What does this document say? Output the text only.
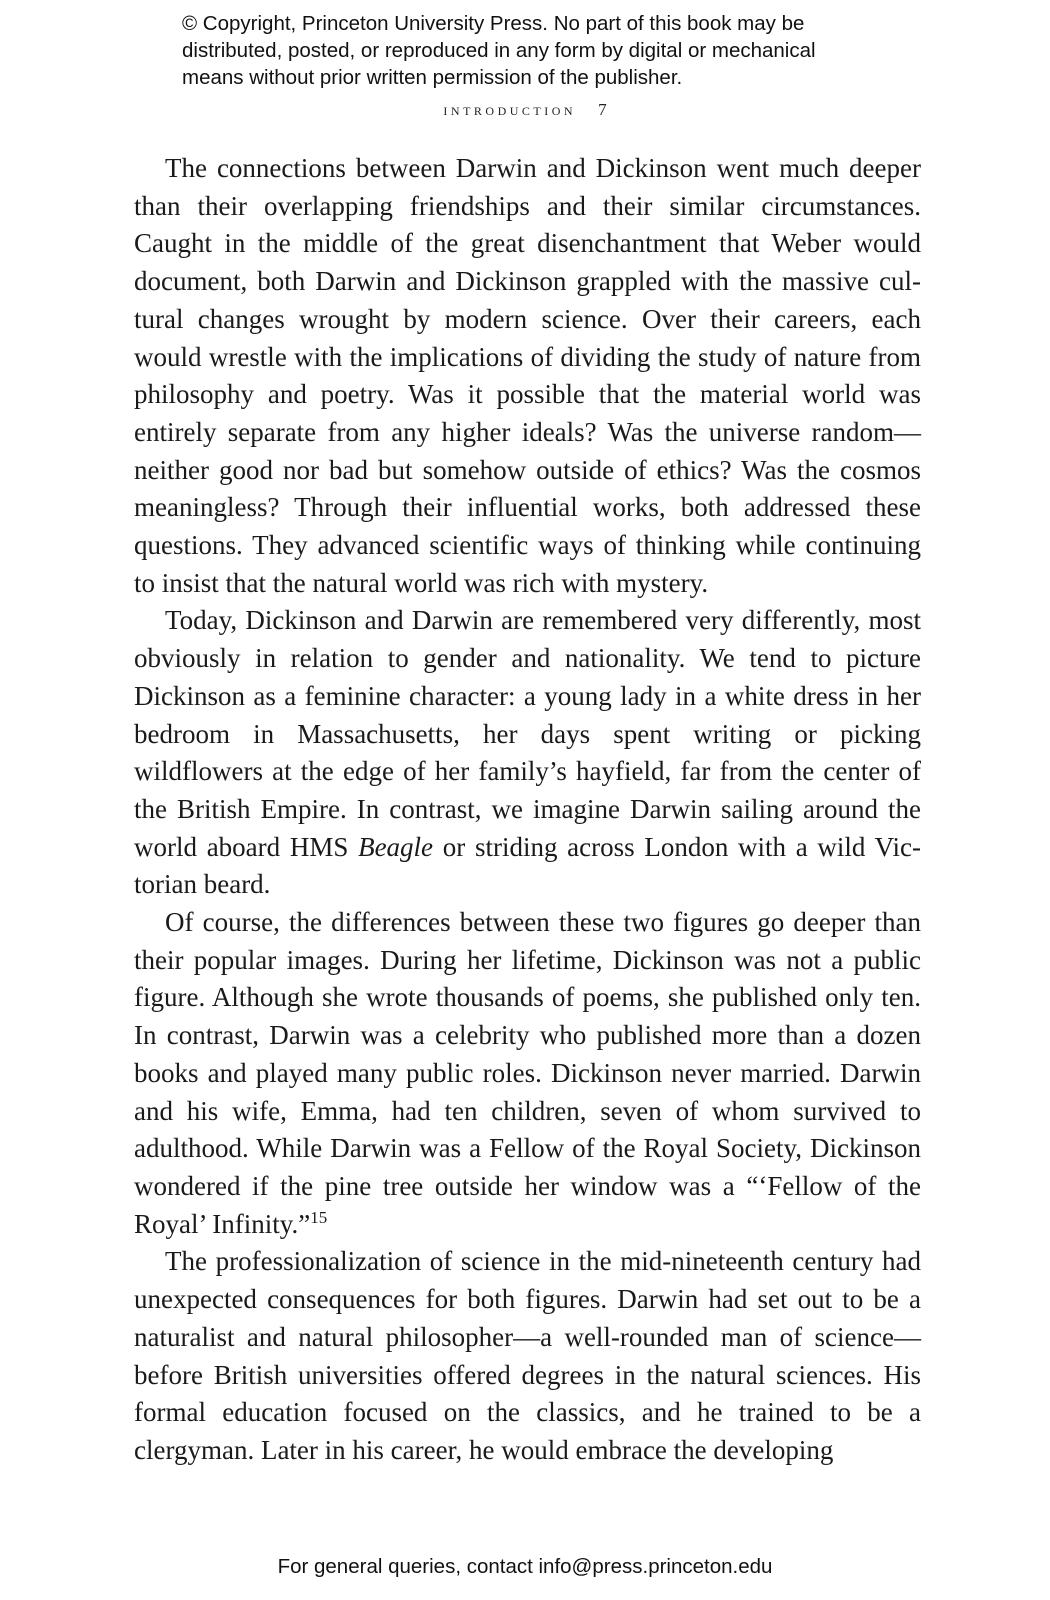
© Copyright, Princeton University Press. No part of this book may be
distributed, posted, or reproduced in any form by digital or mechanical
means without prior written permission of the publisher.
introduction 7

The connections between Darwin and Dickinson went much deeper than their overlapping friendships and their similar circumstances. Caught in the middle of the great disenchantment that Weber would document, both Darwin and Dickinson grappled with the massive cultural changes wrought by modern science. Over their careers, each would wrestle with the implications of dividing the study of nature from philosophy and poetry. Was it possible that the material world was entirely separate from any higher ideals? Was the universe random—neither good nor bad but somehow outside of ethics? Was the cosmos meaningless? Through their influential works, both addressed these questions. They advanced scientific ways of thinking while continuing to insist that the natural world was rich with mystery.

Today, Dickinson and Darwin are remembered very differently, most obviously in relation to gender and nationality. We tend to picture Dickinson as a feminine character: a young lady in a white dress in her bedroom in Massachusetts, her days spent writing or picking wildflowers at the edge of her family’s hayfield, far from the center of the British Empire. In contrast, we imagine Darwin sailing around the world aboard HMS Beagle or striding across London with a wild Victorian beard.

Of course, the differences between these two figures go deeper than their popular images. During her lifetime, Dickinson was not a public figure. Although she wrote thousands of poems, she published only ten. In contrast, Darwin was a celebrity who published more than a dozen books and played many public roles. Dickinson never married. Darwin and his wife, Emma, had ten children, seven of whom survived to adulthood. While Darwin was a Fellow of the Royal Society, Dickinson wondered if the pine tree outside her window was a “‘Fellow of the Royal’ Infinity.”$^{15}$

The professionalization of science in the mid-nineteenth century had unexpected consequences for both figures. Darwin had set out to be a naturalist and natural philosopher—a well-rounded man of science—before British universities offered degrees in the natural sciences. His formal education focused on the classics, and he trained to be a clergyman. Later in his career, he would embrace the developing

For general queries, contact info@press.princeton.edu
